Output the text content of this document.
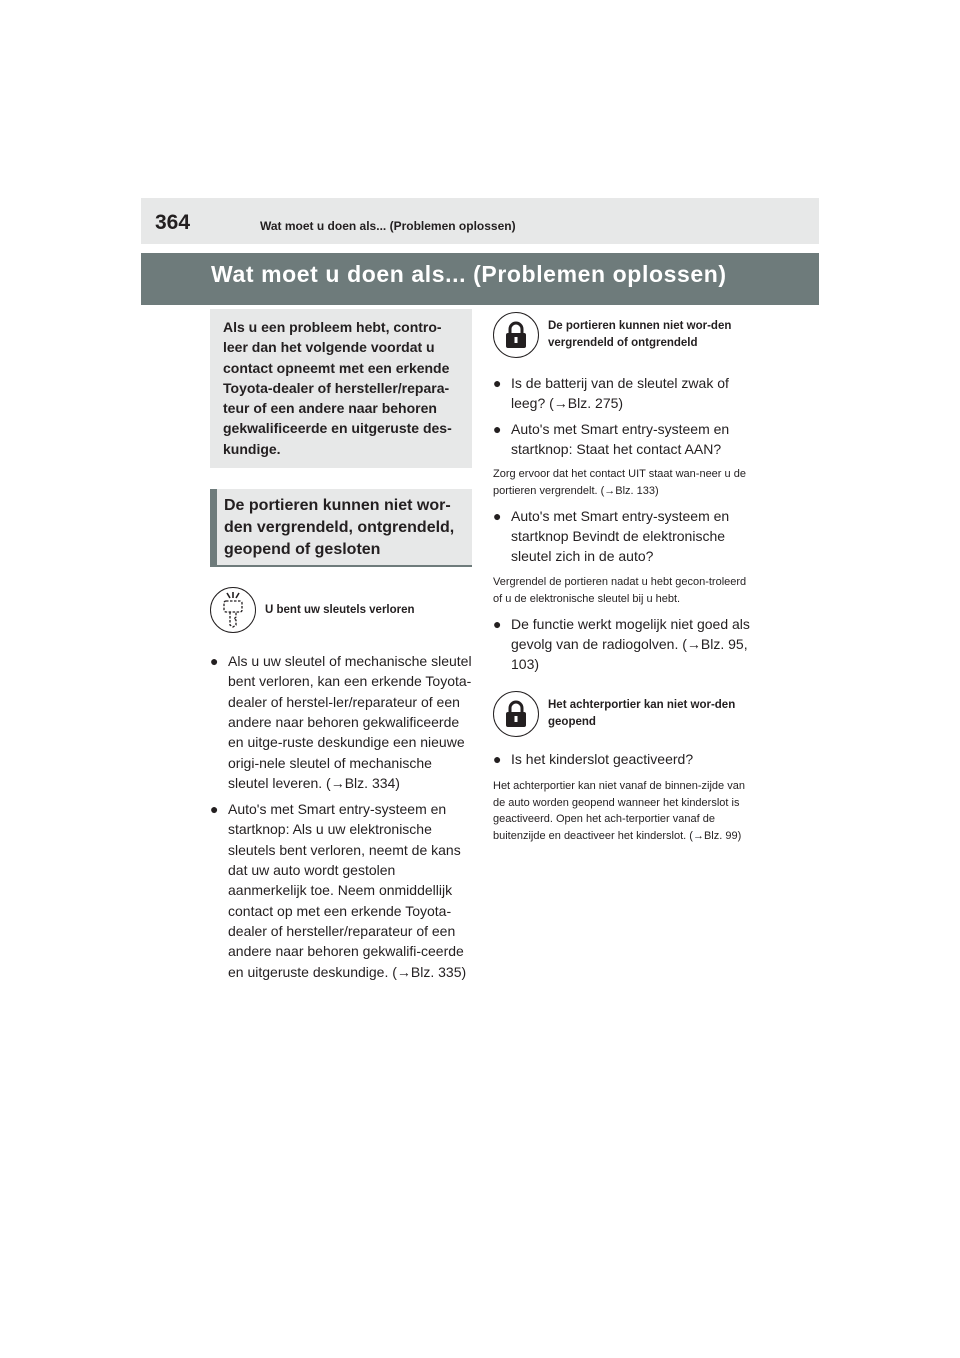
364	Wat moet u doen als... (Problemen oplossen)
Wat moet u doen als... (Problemen oplossen)
Als u een probleem hebt, contro-leer dan het volgende voordat u contact opneemt met een erkende Toyota-dealer of hersteller/repara-teur of een andere naar behoren gekwalificeerde en uitgeruste des-kundige.
De portieren kunnen niet wor-den vergrendeld, ontgrendeld, geopend of gesloten
U bent uw sleutels verloren
● Als u uw sleutel of mechanische sleutel bent verloren, kan een erkende Toyota-dealer of herstel-ler/reparateur of een andere naar behoren gekwalificeerde en uitge-ruste deskundige een nieuwe origi-nele sleutel of mechanische sleutel leveren. (→Blz. 334)
● Auto's met Smart entry-systeem en startknop: Als u uw elektronische sleutels bent verloren, neemt de kans dat uw auto wordt gestolen aanmerkelijk toe. Neem onmiddellijk contact op met een erkende Toyota-dealer of hersteller/reparateur of een andere naar behoren gekwalifi-ceerde en uitgeruste deskundige. (→Blz. 335)
De portieren kunnen niet wor-den vergrendeld of ontgrendeld
● Is de batterij van de sleutel zwak of leeg? (→Blz. 275)
● Auto's met Smart entry-systeem en startknop: Staat het contact AAN?
Zorg ervoor dat het contact UIT staat wan-neer u de portieren vergrendelt. (→Blz. 133)
● Auto's met Smart entry-systeem en startknop Bevindt de elektronische sleutel zich in de auto?
Vergrendel de portieren nadat u hebt gecon-troleerd of u de elektronische sleutel bij u hebt.
● De functie werkt mogelijk niet goed als gevolg van de radiogolven. (→Blz. 95, 103)
Het achterportier kan niet wor-den geopend
● Is het kinderslot geactiveerd?
Het achterportier kan niet vanaf de binnen-zijde van de auto worden geopend wanneer het kinderslot is geactiveerd. Open het ach-terportier vanaf de buitenzijde en deactiveer het kinderslot. (→Blz. 99)
